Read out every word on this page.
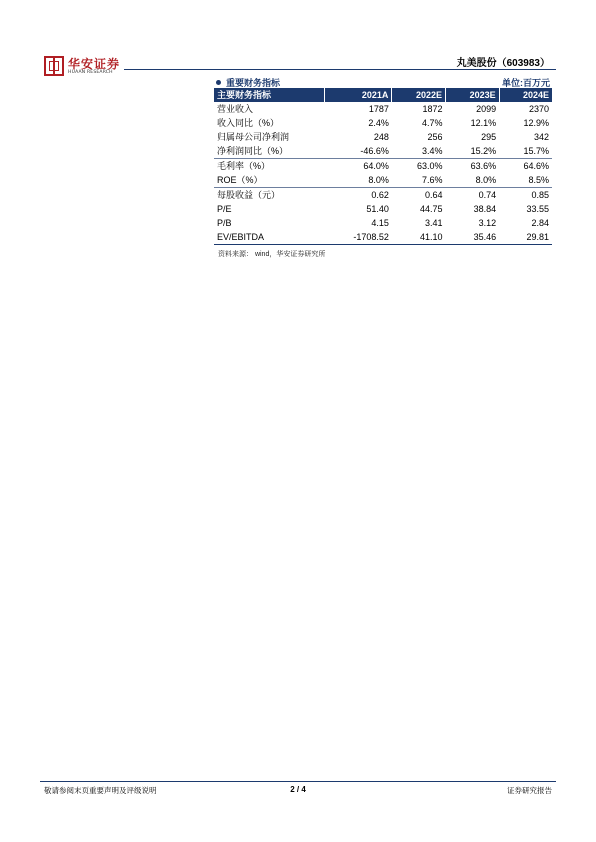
华安证券
HUAAN RESEARCH
丸美股份（603983）
重要财务指标	单位:百万元
主要财务指标	2021A	2022E	2023E	2024E
营业收入	1787	1872	2099	2370
收入同比（%）	2.4%	4.7%	12.1%	12.9%
归属母公司净利润	248	256	295	342
净利润同比（%）	-46.6%	3.4%	15.2%	15.7%
毛利率（%）	64.0%	63.0%	63.6%	64.6%
ROE（%）	8.0%	7.6%	8.0%	8.5%
每股收益（元）	0.62	0.64	0.74	0.85
P/E	51.40	44.75	38.84	33.55
P/B	4.15	3.41	3.12	2.84
EV/EBITDA	-1708.52	41.10	35.46	29.81
资料来源： wind，华安证券研究所
敬请参阅末页重要声明及评级说明	2 / 4	证券研究报告
